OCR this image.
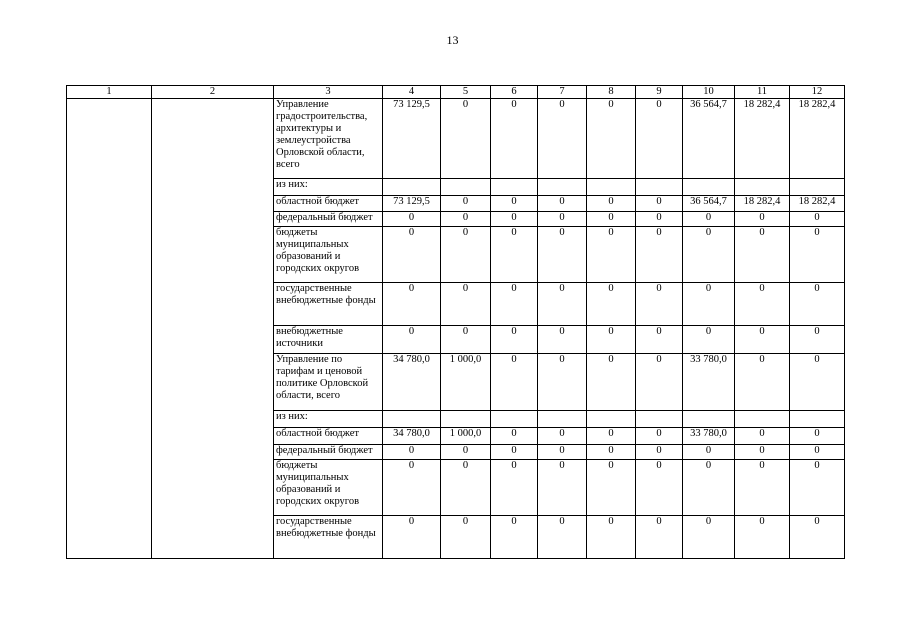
13
1	2	3	4	5	6	7	8	9	10	11	12
		Управление градостроительства, архитектуры и землеустройства Орловской области, всего	73 129,5	0	0	0	0	0	36 564,7	18 282,4	18 282,4
		из них:									
		областной бюджет	73 129,5	0	0	0	0	0	36 564,7	18 282,4	18 282,4
		федеральный бюджет	0	0	0	0	0	0	0	0	0
		бюджеты муниципальных образований и городских округов	0	0	0	0	0	0	0	0	0
		государственные внебюджетные фонды	0	0	0	0	0	0	0	0	0
		внебюджетные источники	0	0	0	0	0	0	0	0	0
		Управление по тарифам и ценовой политике Орловской области, всего	34 780,0	1 000,0	0	0	0	0	33 780,0	0	0
		из них:									
		областной бюджет	34 780,0	1 000,0	0	0	0	0	33 780,0	0	0
		федеральный бюджет	0	0	0	0	0	0	0	0	0
		бюджеты муниципальных образований и городских округов	0	0	0	0	0	0	0	0	0
		государственные внебюджетные фонды	0	0	0	0	0	0	0	0	0
